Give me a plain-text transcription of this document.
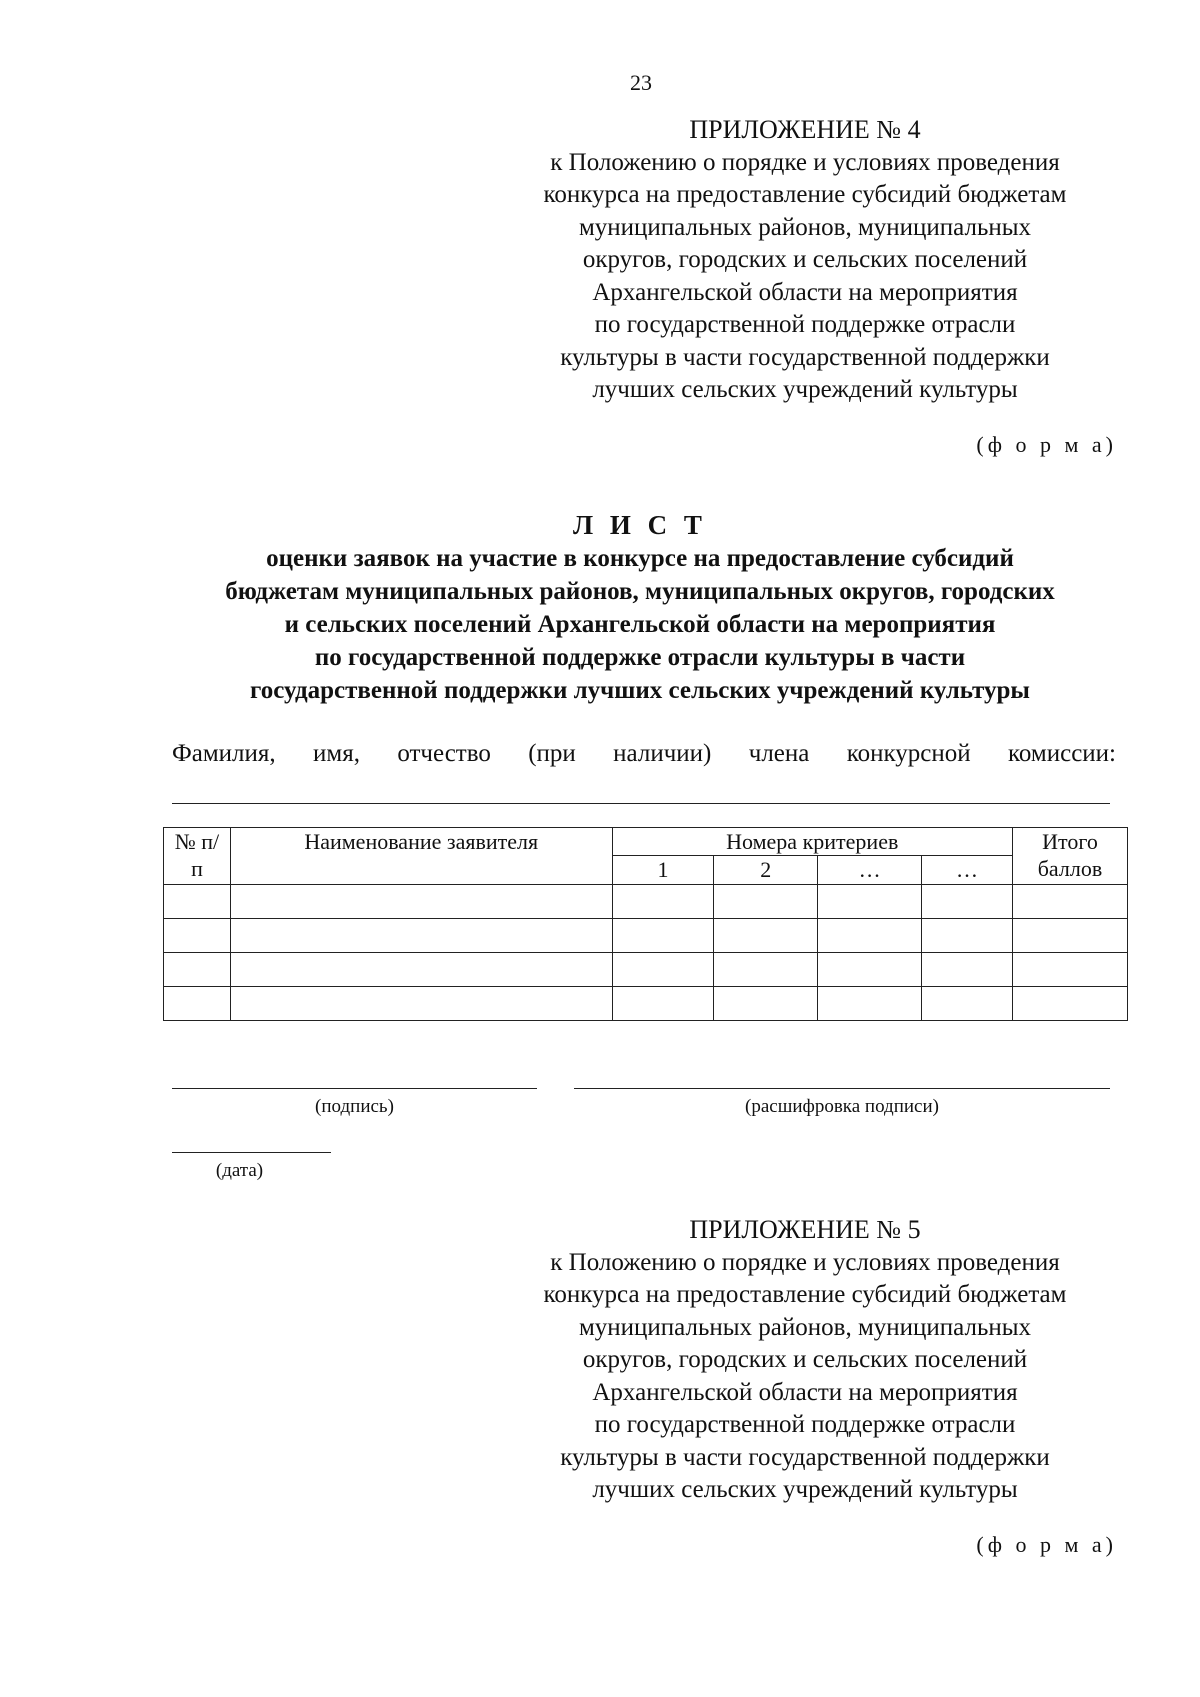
23
ПРИЛОЖЕНИЕ № 4
к Положению о порядке и условиях проведения
конкурса на предоставление субсидий бюджетам
муниципальных районов, муниципальных
округов, городских и сельских поселений
Архангельской области на мероприятия
по государственной поддержке отрасли
культуры в части государственной поддержки
лучших сельских учреждений культуры
(ф о р м а)
Л И С Т
оценки заявок на участие в конкурсе на предоставление субсидий
бюджетам муниципальных районов, муниципальных округов, городских
и сельских поселений Архангельской области на мероприятия
по государственной поддержке отрасли культуры в части
государственной поддержки лучших сельских учреждений культуры
Фамилия, имя, отчество (при наличии) члена конкурсной комиссии:
№ п/п	Наименование заявителя	Номера критериев				Итого баллов
		1	2	…	…	

(подпись)	(расшифровка подписи)
(дата)
ПРИЛОЖЕНИЕ № 5
к Положению о порядке и условиях проведения
конкурса на предоставление субсидий бюджетам
муниципальных районов, муниципальных
округов, городских и сельских поселений
Архангельской области на мероприятия
по государственной поддержке отрасли
культуры в части государственной поддержки
лучших сельских учреждений культуры
(ф о р м а)
